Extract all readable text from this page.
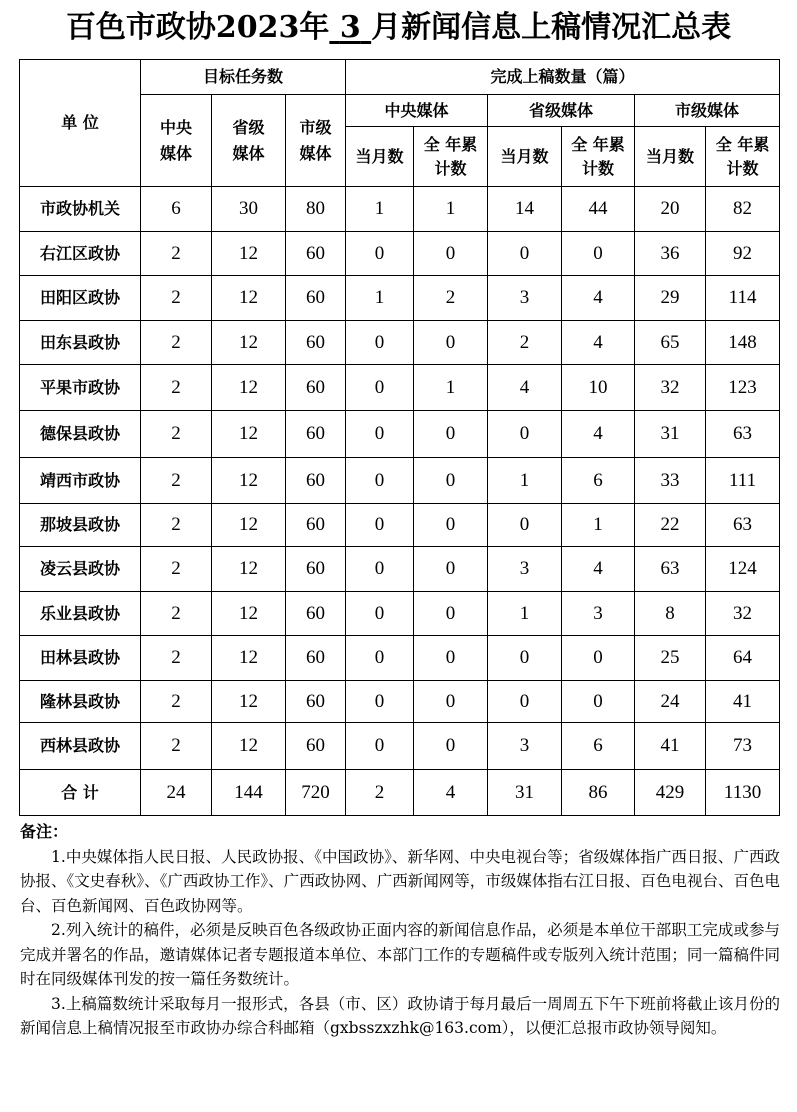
百色市政协2023年 3 月新闻信息上稿情况汇总表
单 位	目标任务数			完成上稿数量（篇）					

	中央媒体	省级媒体	市级媒体	中央媒体		省级媒体		市级媒体	
				当月数	全 年累计数	当月数	全 年累计数	当月数	全 年累计数

市政协机关	6	30	80	1	1	14	44	20	82
右江区政协	2	12	60	0	0	0	0	36	92
田阳区政协	2	12	60	1	2	3	4	29	114
田东县政协	2	12	60	0	0	2	4	65	148
平果市政协	2	12	60	0	1	4	10	32	123
德保县政协	2	12	60	0	0	0	4	31	63
靖西市政协	2	12	60	0	0	1	6	33	111
那坡县政协	2	12	60	0	0	0	1	22	63
凌云县政协	2	12	60	0	0	3	4	63	124
乐业县政协	2	12	60	0	0	1	3	8	32
田林县政协	2	12	60	0	0	0	0	25	64
隆林县政协	2	12	60	0	0	0	0	24	41
西林县政协	2	12	60	0	0	3	6	41	73
合 计	24	144	720	2	4	31	86	429	1130
备注：

1.中央媒体指人民日报、人民政协报、《中国政协》、新华网、中央电视台等；省级媒体指广西日报、广西政协报、《文史春秋》、《广西政协工作》、广西政协网、广西新闻网等，市级媒体指右江日报、百色电视台、百色电台、百色新闻网、百色政协网等。

2.列入统计的稿件，必须是反映百色各级政协正面内容的新闻信息作品，必须是本单位干部职工完成或参与完成并署名的作品，邀请媒体记者专题报道本单位、本部门工作的专题稿件或专版列入统计范围；同一篇稿件同时在同级媒体刊发的按一篇任务数统计。

3.上稿篇数统计采取每月一报形式，各县（市、区）政协请于每月最后一周周五下午下班前将截止该月份的新闻信息上稿情况报至市政协办综合科邮箱（gxbsszxzhk@163.com），以便汇总报市政协领导阅知。
